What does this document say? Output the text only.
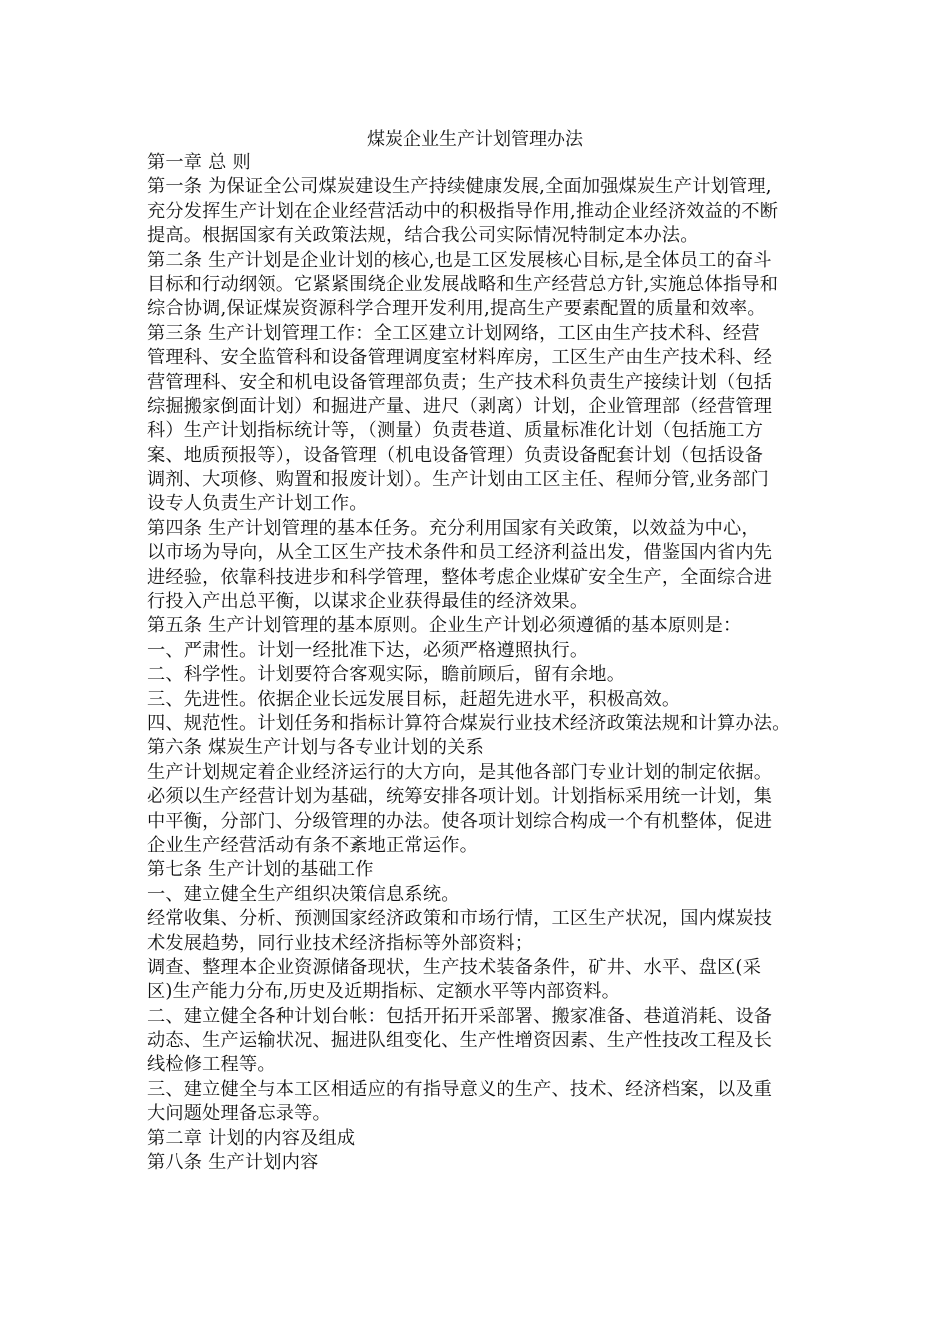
煤炭企业生产计划管理办法
第一章 总 则
第一条 为保证全公司煤炭建设生产持续健康发展,全面加强煤炭生产计划管理,
充分发挥生产计划在企业经营活动中的积极指导作用,推动企业经济效益的不断
提高。根据国家有关政策法规，结合我公司实际情况特制定本办法。
第二条 生产计划是企业计划的核心,也是工区发展核心目标,是全体员工的奋斗
目标和行动纲领。它紧紧围绕企业发展战略和生产经营总方针,实施总体指导和
综合协调,保证煤炭资源科学合理开发利用,提高生产要素配置的质量和效率。
第三条 生产计划管理工作：全工区建立计划网络，工区由生产技术科、经营
管理科、安全监管科和设备管理调度室材料库房，工区生产由生产技术科、经
营管理科、安全和机电设备管理部负责；生产技术科负责生产接续计划（包括
综掘搬家倒面计划）和掘进产量、进尺（剥离）计划，企业管理部（经营管理
科）生产计划指标统计等，（测量）负责巷道、质量标准化计划（包括施工方
案、地质预报等），设备管理（机电设备管理）负责设备配套计划（包括设备
调剂、大项修、购置和报废计划）。生产计划由工区主任、程师分管,业务部门
设专人负责生产计划工作。
第四条 生产计划管理的基本任务。充分利用国家有关政策，以效益为中心，
以市场为导向，从全工区生产技术条件和员工经济利益出发，借鉴国内省内先
进经验，依靠科技进步和科学管理，整体考虑企业煤矿安全生产，全面综合进
行投入产出总平衡，以谋求企业获得最佳的经济效果。
第五条 生产计划管理的基本原则。企业生产计划必须遵循的基本原则是：
一、严肃性。计划一经批准下达，必须严格遵照执行。
二、科学性。计划要符合客观实际，瞻前顾后，留有余地。
三、先进性。依据企业长远发展目标，赶超先进水平，积极高效。
四、规范性。计划任务和指标计算符合煤炭行业技术经济政策法规和计算办法。
第六条 煤炭生产计划与各专业计划的关系
生产计划规定着企业经济运行的大方向，是其他各部门专业计划的制定依据。
必须以生产经营计划为基础，统筹安排各项计划。计划指标采用统一计划，集
中平衡，分部门、分级管理的办法。使各项计划综合构成一个有机整体，促进
企业生产经营活动有条不紊地正常运作。
第七条 生产计划的基础工作
一、建立健全生产组织决策信息系统。
经常收集、分析、预测国家经济政策和市场行情，工区生产状况，国内煤炭技
术发展趋势，同行业技术经济指标等外部资料；
调查、整理本企业资源储备现状，生产技术装备条件，矿井、水平、盘区(采
区)生产能力分布,历史及近期指标、定额水平等内部资料。
二、建立健全各种计划台帐：包括开拓开采部署、搬家准备、巷道消耗、设备
动态、生产运输状况、掘进队组变化、生产性增资因素、生产性技改工程及长
线检修工程等。
三、建立健全与本工区相适应的有指导意义的生产、技术、经济档案，以及重
大问题处理备忘录等。
第二章 计划的内容及组成
第八条 生产计划内容
